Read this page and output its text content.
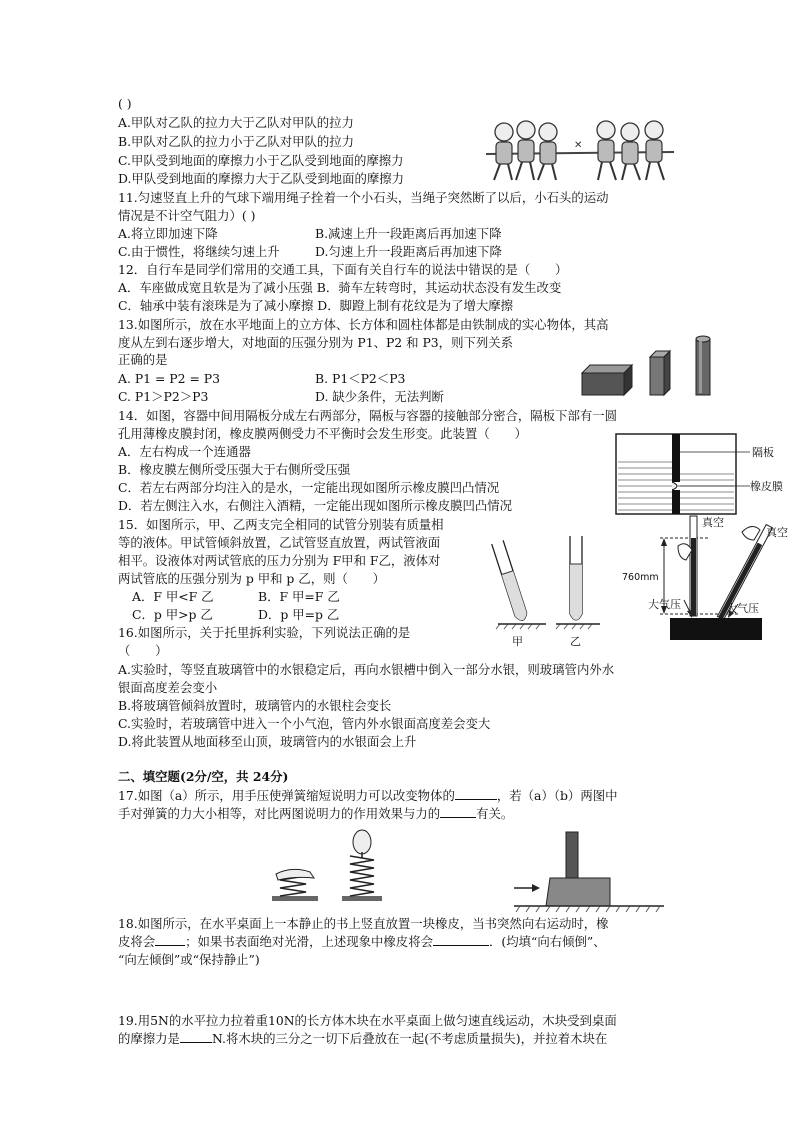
( )
A.甲队对乙队的拉力大于乙队对甲队的拉力
B.甲队对乙队的拉力小于乙队对甲队的拉力
C.甲队受到地面的摩擦力小于乙队受到地面的摩擦力
D.甲队受到地面的摩擦力大于乙队受到地面的摩擦力
✕
11.匀速竖直上升的气球下端用绳子拴着一个小石头，当绳子突然断了以后，小石头的运动
情况是不计空气阻力）( )
A.将立即加速下降	B.减速上升一段距离后再加速下降
C.由于惯性，将继续匀速上升	D.匀速上升一段距离后再加速下降
12．自行车是同学们常用的交通工具，下面有关自行车的说法中错误的是（　　）
A．车座做成宽且软是为了减小压强 B．骑车左转弯时，其运动状态没有发生改变
C．轴承中装有滚珠是为了减小摩擦 D．脚蹬上制有花纹是为了增大摩擦
13.如图所示，放在水平地面上的立方体、长方体和圆柱体都是由铁制成的实心物体，其高
度从左到右逐步增大，对地面的压强分别为 P1、P2 和 P3，则下列关系
正确的是
A. P1 = P2 = P3	B. P1＜P2＜P3
C. P1＞P2＞P3	D. 缺少条件，无法判断
14．如图，容器中间用隔板分成左右两部分，隔板与容器的接触部分密合，隔板下部有一圆
孔用薄橡皮膜封闭，橡皮膜两侧受力不平衡时会发生形变。此装置（　　）
A．左右构成一个连通器
B．橡皮膜左侧所受压强大于右侧所受压强
C．若左右两部分均注入的是水，一定能出现如图所示橡皮膜凹凸情况
D．若左侧注入水，右侧注入酒精，一定能出现如图所示橡皮膜凹凸情况
隔板
橡皮膜
15．如图所示，甲、乙两支完全相同的试管分别装有质量相
等的液体。甲试管倾斜放置，乙试管竖直放置，两试管液面
相平。设液体对两试管底的压力分别为 F甲和 F乙，液体对
两试管底的压强分别为 p 甲和 p 乙，则（　　）
A．F 甲<F 乙	B．F 甲=F 乙
C．p 甲>p 乙	D．p 甲=p 乙
甲	乙
真空
真空
760mm
大气压	大气压
16.如图所示，关于托里拆利实验，下列说法正确的是
（　　）
A.实验时，等竖直玻璃管中的水银稳定后，再向水银槽中倒入一部分水银，则玻璃管内外水
银面高度差会变小
B.将玻璃管倾斜放置时，玻璃管内的水银柱会变长
C.实验时，若玻璃管中进入一个小气泡，管内外水银面高度差会变大
D.将此装置从地面移至山顶，玻璃管内的水银面会上升
二、填空题(2分/空，共 24分)
17.如图（a）所示，用手压使弹簧缩短说明力可以改变物体的	，若（a）（b）两图中
手对弹簧的力大小相等，对比两图说明力的作用效果与力的	有关。
18.如图所示，在水平桌面上一本静止的书上竖直放置一块橡皮，当书突然向右运动时，橡
皮将会 ；如果书表面绝对光滑，上述现象中橡皮将会	．(均填“向右倾倒”、
“向左倾倒”或“保持静止”)
19.用5N的水平拉力拉着重10N的长方体木块在水平桌面上做匀速直线运动，木块受到桌面
的摩擦力是	N.将木块的三分之一切下后叠放在一起(不考虑质量损失)，并拉着木块在
